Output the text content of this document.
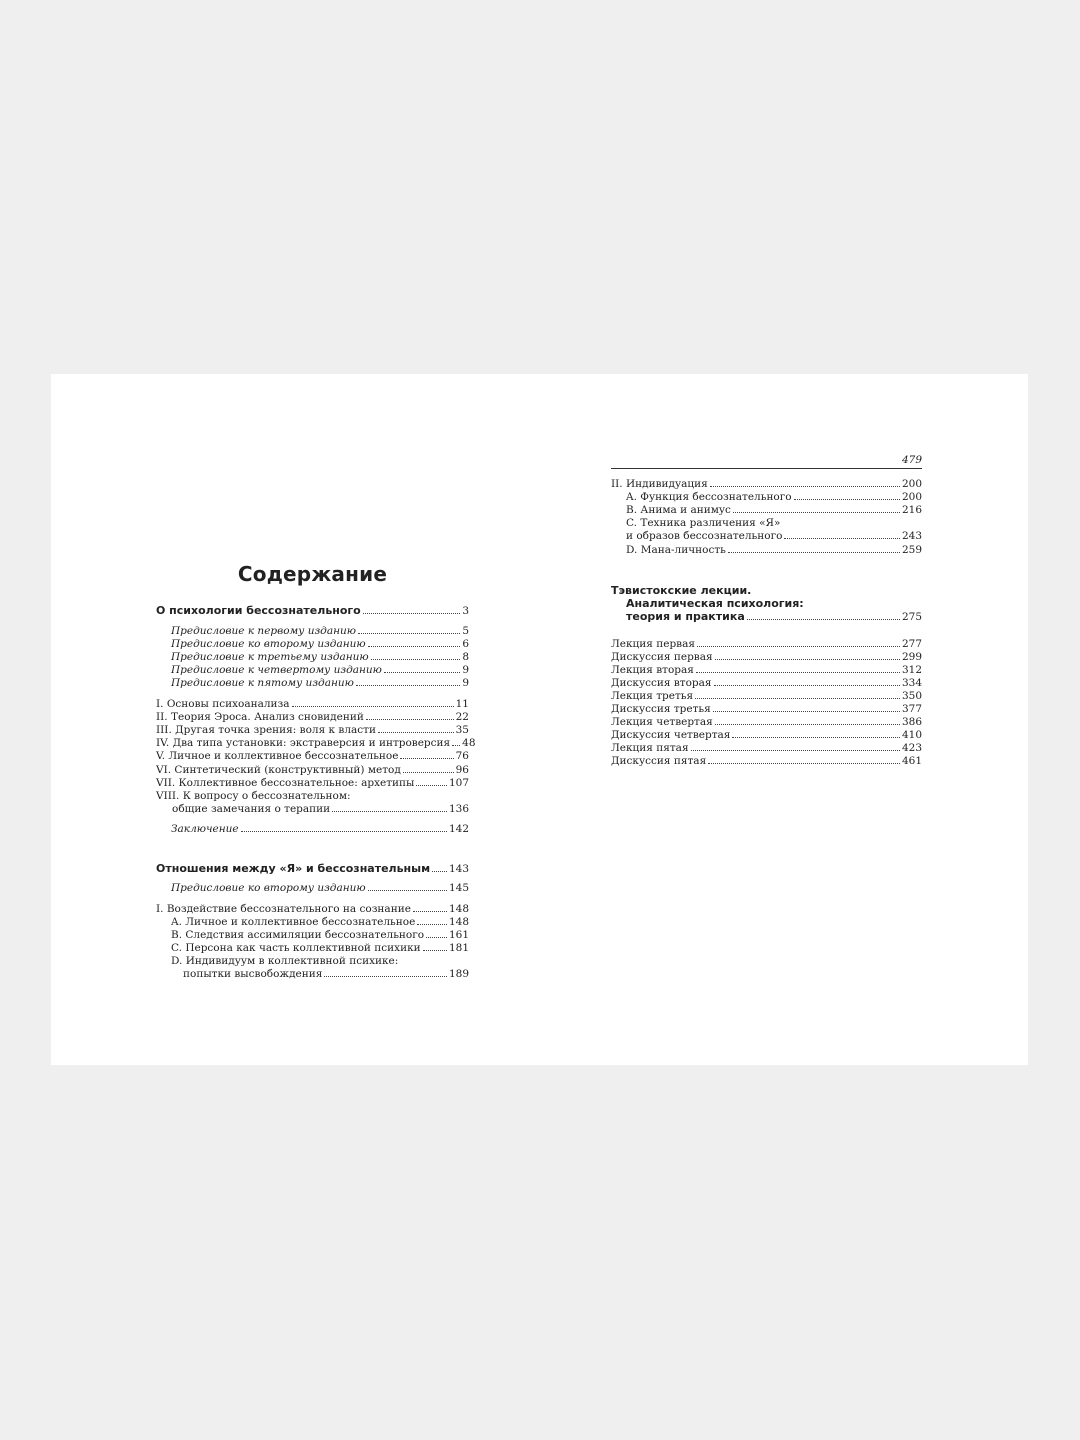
Содержание
О психологии бессознательного	3
Предисловие к первому изданию	5
Предисловие ко второму изданию	6
Предисловие к третьему изданию	8
Предисловие к четвертому изданию	9
Предисловие к пятому изданию	9
I. Основы психоанализа	11
II. Теория Эроса. Анализ сновидений	22
III. Другая точка зрения: воля к власти	35
IV. Два типа установки: экстраверсия и интроверсия 48
V. Личное и коллективное бессознательное	76
VI. Синтетический (конструктивный) метод	96
VII. Коллективное бессознательное: архетипы	107
VIII. К вопросу о бессознательном:
общие замечания о терапии	136
Заключение	142
Отношения между «Я» и бессознательным 143
Предисловие ко второму изданию	145
I. Воздействие бессознательного на сознание	148
A. Личное и коллективное бессознательное	148
B. Следствия ассимиляции бессознательного 161
C. Персона как часть коллективной психики	181
D. Индивидуум в коллективной психике:
попытки высвобождения	189
479
II. Индивидуация	200
A. Функция бессознательного	200
B. Анима и анимус	216
C. Техника различения «Я»
и образов бессознательного	243
D. Мана-личность	259
Тэвистокские лекции.
Аналитическая психология:
теория и практика	275
Лекция первая	277
Дискуссия первая	299
Лекция вторая	312
Дискуссия вторая	334
Лекция третья	350
Дискуссия третья	377
Лекция четвертая	386
Дискуссия четвертая	410
Лекция пятая	423
Дискуссия пятая	461
